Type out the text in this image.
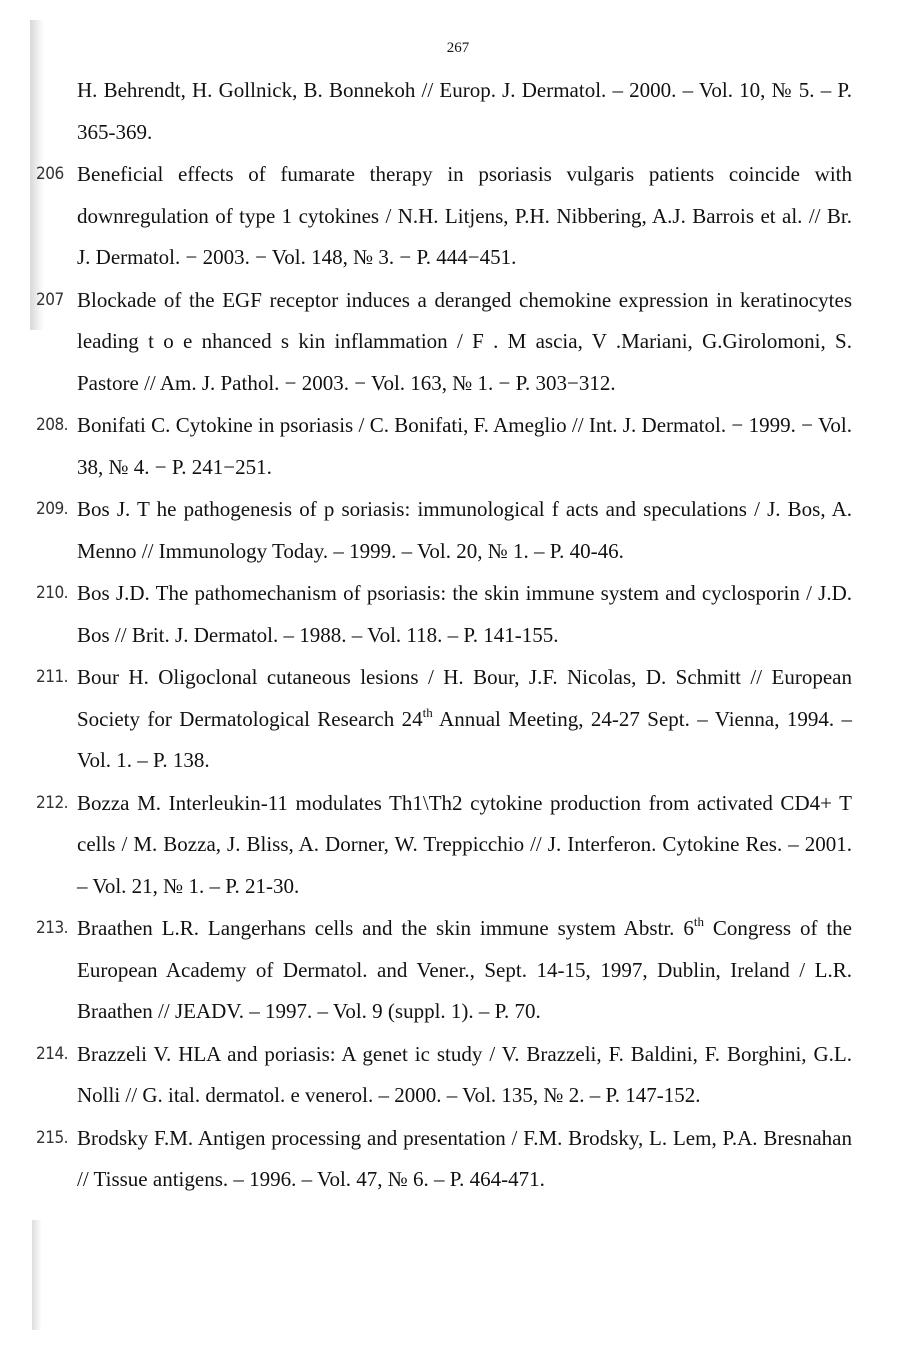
267
H. Behrendt, H. Gollnick, B. Bonnekoh // Europ. J. Dermatol. – 2000. – Vol. 10, № 5. – P. 365-369.
206 Beneficial effects of fumarate therapy in psoriasis vulgaris patients coincide with downregulation of type 1 cytokines / N.H. Litjens, P.H. Nibbering, A.J. Barrois et al. // Br. J. Dermatol. − 2003. − Vol. 148, № 3. − P. 444−451.
207 Blockade of the EGF receptor induces a deranged chemokine expression in keratinocytes leading t o e nhanced s kin inflammation / F . M ascia, V .Mariani, G.Girolomoni, S. Pastore // Am. J. Pathol. − 2003. − Vol. 163, № 1. − P. 303−312.
208. Bonifati C. Cytokine in psoriasis / C. Bonifati, F. Ameglio // Int. J. Dermatol. − 1999. − Vol. 38, № 4. − P. 241−251.
209. Bos J. T he pathogenesis of p soriasis: immunological f acts and speculations / J. Bos, A. Menno // Immunology Today. – 1999. – Vol. 20, № 1. – P. 40-46.
210. Bos J.D. The pathomechanism of psoriasis: the skin immune system and cyclosporin / J.D. Bos // Brit. J. Dermatol. – 1988. – Vol. 118. – P. 141-155.
211. Bour H. Oligoclonal cutaneous lesions / H. Bour, J.F. Nicolas, D. Schmitt // European Society for Dermatological Research 24th Annual Meeting, 24-27 Sept. – Vienna, 1994. – Vol. 1. – P. 138.
212. Bozza M. Interleukin-11 modulates Th1\Th2 cytokine production from activated CD4+ T cells / M. Bozza, J. Bliss, A. Dorner, W. Treppicchio // J. Interferon. Cytokine Res. – 2001. – Vol. 21, № 1. – P. 21-30.
213. Braathen L.R. Langerhans cells and the skin immune system Abstr. 6th Congress of the European Academy of Dermatol. and Vener., Sept. 14-15, 1997, Dublin, Ireland / L.R. Braathen // JEADV. – 1997. – Vol. 9 (suppl. 1). – P. 70.
214. Brazzeli V. HLA and poriasis: A genet ic study / V. Brazzeli, F. Baldini, F. Borghini, G.L. Nolli // G. ital. dermatol. e venerol. – 2000. – Vol. 135, № 2. – P. 147-152.
215. Brodsky F.M. Antigen processing and presentation / F.M. Brodsky, L. Lem, P.A. Bresnahan // Tissue antigens. – 1996. – Vol. 47, № 6. – P. 464-471.
